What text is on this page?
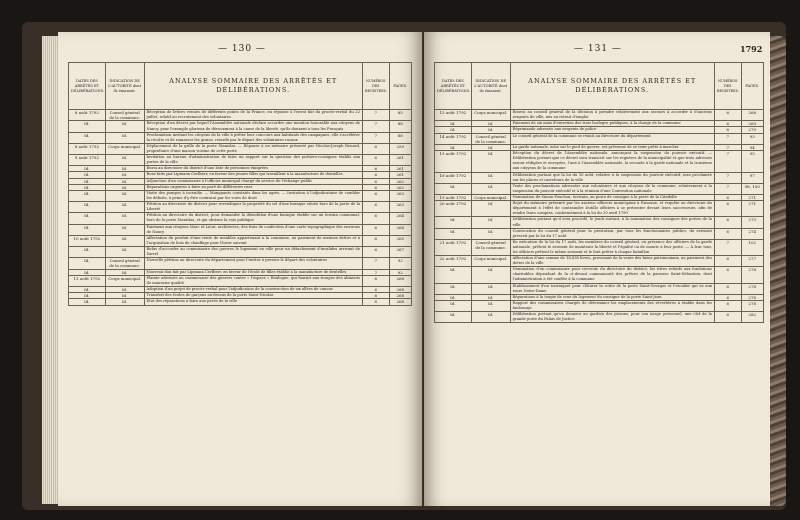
— 130 —
DATES DES ARRÊTÉS ET DÉLIBÉRATIONS.	INDICATION DE L'AUTORITÉ dont ils émanent.	ANALYSE SOMMAIRE DES ARRÊTÉS ET DÉLIBÉRATIONS.	NUMÉROS DES REGISTRES.	PAGES.
8 août 1792	Conseil général de la commune.	Réception de lettres venues de différents points de la France, en réponse à l'envoi fait du procès-verbal du 22 juillet, relatif au recrutement des volontaires	7	85
Id.	Id.	Réception d'un décret par lequel l'Assemblée nationale déclare accorder une mention honorable aux citoyens de Nancy, pour l'exemple glorieux de dévouement à la cause de la liberté, qu'ils donnent à tous les Français	7	88
Id.	Id.	Proclamation invitant les citoyens de la ville à prêter leur concours aux habitants des campagnes, elle s'accélérer la récolte et de ramasser les grains, retardé par le départ des volontaires rurauх	7	88
8 août 1792	Corps municipal.	Déplacement de la grille de la porte Stanislas. — Réponse à un mémoire présenté par Nicolas-Joseph Renard, propriétaire d'une maison voisine de cette porte	6	259
9 août 1792	Id.	Invitation au bureau d'administration de faire un rapport sur la question des portiers-consignes établis aux portes de la ville	6	261
Id.	Id.	Envoi au directoire du district d'une liste de personnes émigrées	6	261
Id.	Id.	Bons faits par Lipmann Cerfberr, en faveur des jeunes filles qui travaillent à la manufacture de dentelles	6	261
Id.	Id.	Adjonction d'un commissaire à l'officier municipal chargé du service de l'échange public	6	262
Id.	Id.	Réparations urgentes à faire au pavé de différentes rues	6	262
Id.	Id.	Visite des pompes à incendie. — Manquants constatés dans les agrès. — Invitation à l'adjudicataire de combler les déficits, à peine d'y être contraint par les voies de droit	6	263
Id.	Id.	Pétition au directoire du district pour revendiquer la propriété du sol d'une baraque située hors de la porte de la Liberté	6	263
Id.	Id.	Pétition au directoire du district, pour demander la démolition d'une baraque établie sur un terrain communal, hors de la porte Stanislas, et qui obstrue la voie publique	6	264
Id.	Id.	Paiement aux citoyens Marc et Lieut, architectes, des frais de confection d'une carte topographique des environs de Nancy	6	264
10 août 1792	Id.	Affectation du produit d'une rente de meubles appartenant à la commune, au paiement de menues dettes et à l'acquisition de bois de chauffage pour l'hiver suivant	6	265
Id.	Id.	Refus d'accorder au commissaire des guerres le logement en ville pour un détachement d'invalides arrivant de Sarrel	6	267
Id.	Conseil général de la commune.	Nouvelle pétition au directoire du département pour l'inviter à presser le départ des volontaires	7	92
Id.	Id.	Nouveau don fait par Lipmann Cerfberr, en faveur de l'école de filles établie à la manufacture de dentelles	7	92
13 août 1792	Corps municipal.	Plainte adressée au commissaire des guerres contre « l'espace » Boulogne, qui fournit aux troupes des aliments de mauvaise qualité	6	268
Id.	Id.	Adoption d'un projet de procès-verbal pour l'adjudication de la construction de six allées de canons	6	268
Id.	Id.	Transfert des écoles de garçons au-dessus de la porte Saint-Nicolas	6	268
Id.	Id.	État des réparations à faire aux pavés de la ville	6	268
— 131 —	1792
DATES DES ARRÊTÉS ET DÉLIBÉRATIONS.	INDICATION DE L'AUTORITÉ dont ils émanent.	ANALYSE SOMMAIRE DES ARRÊTÉS ET DÉLIBÉRATIONS.	NUMÉROS DES REGISTRES.	PAGES.
13 août 1792	Corps municipal.	Renvoi au conseil général de la décision à prendre relativement aux secours à accorder à d'anciens sergents de ville, mis en retrait d'emploi	6	268
Id.	Id.	Paiement de six mois d'entretien des trois horloges publiques, à la charge de la commune	6	269
Id.	Id.	Réprimande adressée aux sergents de police	6	270
14 août 1792	Conseil général de la commune.	Le conseil général de la commune se réunit au directoire du département	7	93
Id.	Id.	La garde nationale, mise sur le pied de guerre, est prévenue de se tenir prête à marcher	7	94
15 août 1792	Id.	Réception du décret de l'Assemblée nationale, annonçant la suspension du pouvoir exécutif. — Délibération portant que ce décret sera transcrit sur les registres de la municipalité et que trois adresses seront rédigées et envoyées, l'une à l'Assemblée nationale, la seconde à la garde nationale et la troisième aux citoyens de la commune	7	95
16 août 1792	Id.	Délibération portant que la loi du 10 août, relative à la suspension du pouvoir exécutif, sera proclamée sur les places et carrefours de la ville	7	97
Id.	Id.	Texte des proclamations adressées aux volontaires et aux citoyens de la commune, relativement à la suspension du pouvoir exécutif et à la réunion d'une Convention nationale	7	98, 100
19 août 1792	Corps municipal.	Nomination de Simon Pouchon, écrivain, au poste de consigne à la porte de la Citadelle	6	271
20 août 1792	Id.	Rejet du mémoire présenté par les anciens officiers municipaux à Ensoaux, et requête au directoire du département à l'effet de contraindre Dutillo officiers à se présenter devant leurs successeurs, afin de rendre leurs comptes, conformément à la loi du 20 avril 1790	6	271
Id.	Id.	Délibération portant qu'il sera procédé, le jeudi suivant, à la nomination des consignes des portes de la ville	6	273
Id.	Id.	Convocation du conseil général pour la prestation, par tous les fonctionnaires publics, du serment prescrit par la loi du 17 août	6	274
21 août 1792	Conseil général de la commune.	En exécution de la loi du 17 août, les membres du conseil général, en présence des officiers de la garde nationale, prêtent le serment de maintenir la liberté et l'égalité ou de mourir à leur poste. — À leur tour, les officiers prêtent le même serment et le font prêter à chaque bataillon	7	102
22 août 1792	Corps municipal.	Affectation d'une somme de 18,838 livres, provenant de la vente des biens patrimoniaux, au paiement des dettes de la ville	6	277
Id.	Id.	Nomination d'un commissaire pour recevoir, du directoire du district, les titres relatifs aux fondations charitables dépendant de la ci-devant communauté des prêtres de la paroisse Saint-Sébastien, dont l'administration a été confiée à la commune	6	278
Id.	Id.	Établissement d'un tourniquet pour clôturer la voûte de la porte Saint-Georges et l'escalier qui va aux tours Notre-Dame	6	278
Id.	Id.	Réparations à la toupie de crue du logement du consigne de la porte Saint-Jean	6	278
Id.	Id.	Rapport des commissaires chargés de déterminer les emplacements des réverbères à établir dans les faubourgs	6	278
Id.	Id.	Délibération portant qu'on donnera au gardien des prisons, pour son usage personnel, une clef de la grande porte du Palais de Justice	6	282
